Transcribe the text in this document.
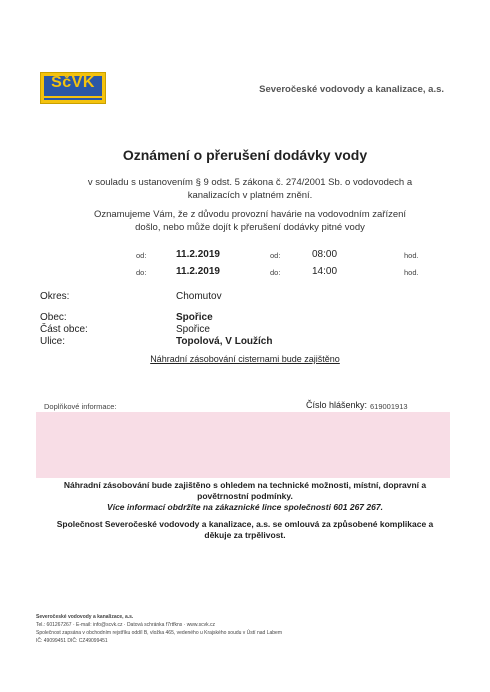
SčVK	Severočeské vodovody a kanalizace, a.s.
Oznámení o přerušení dodávky vody
v souladu s ustanovením § 9 odst. 5 zákona č. 274/2001 Sb. o vodovodech a
kanalizacích v platném znění.
Oznamujeme Vám, že z důvodu provozní havárie na vodovodním zařízení
došlo, nebo může dojít k přerušení dodávky pitné vody
od:	11.2.2019	od:	08:00	hod.
do:	11.2.2019	do:	14:00	hod.
Okres:	Chomutov
Obec:	Spořice
Část obce:	Spořice
Ulice:	Topolová, V Loužích
Náhradní zásobování cisternami bude zajištěno
Doplňkové informace:	Číslo hlášenky: 619001913
Náhradní zásobování bude zajištěno s ohledem na technické možnosti, místní, dopravní a
povětrnostní podmínky.
Více informací obdržíte na zákaznické lince společnosti 601 267 267.
Společnost Severočeské vodovody a kanalizace, a.s. se omlouvá za způsobené komplikace a
děkuje za trpělivost.
Severočeské vodovody a kanalizace, a.s.
Tel.: 601267267 · E-mail: info@scvk.cz · Datová schránka f7rtfkns · www.scvk.cz
Společnost zapsána v obchodním rejstříku oddíl B, vložka 465, vedeného u Krajského soudu v Ústí nad Labem
IČ: 49099451 DIČ: CZ49099451
